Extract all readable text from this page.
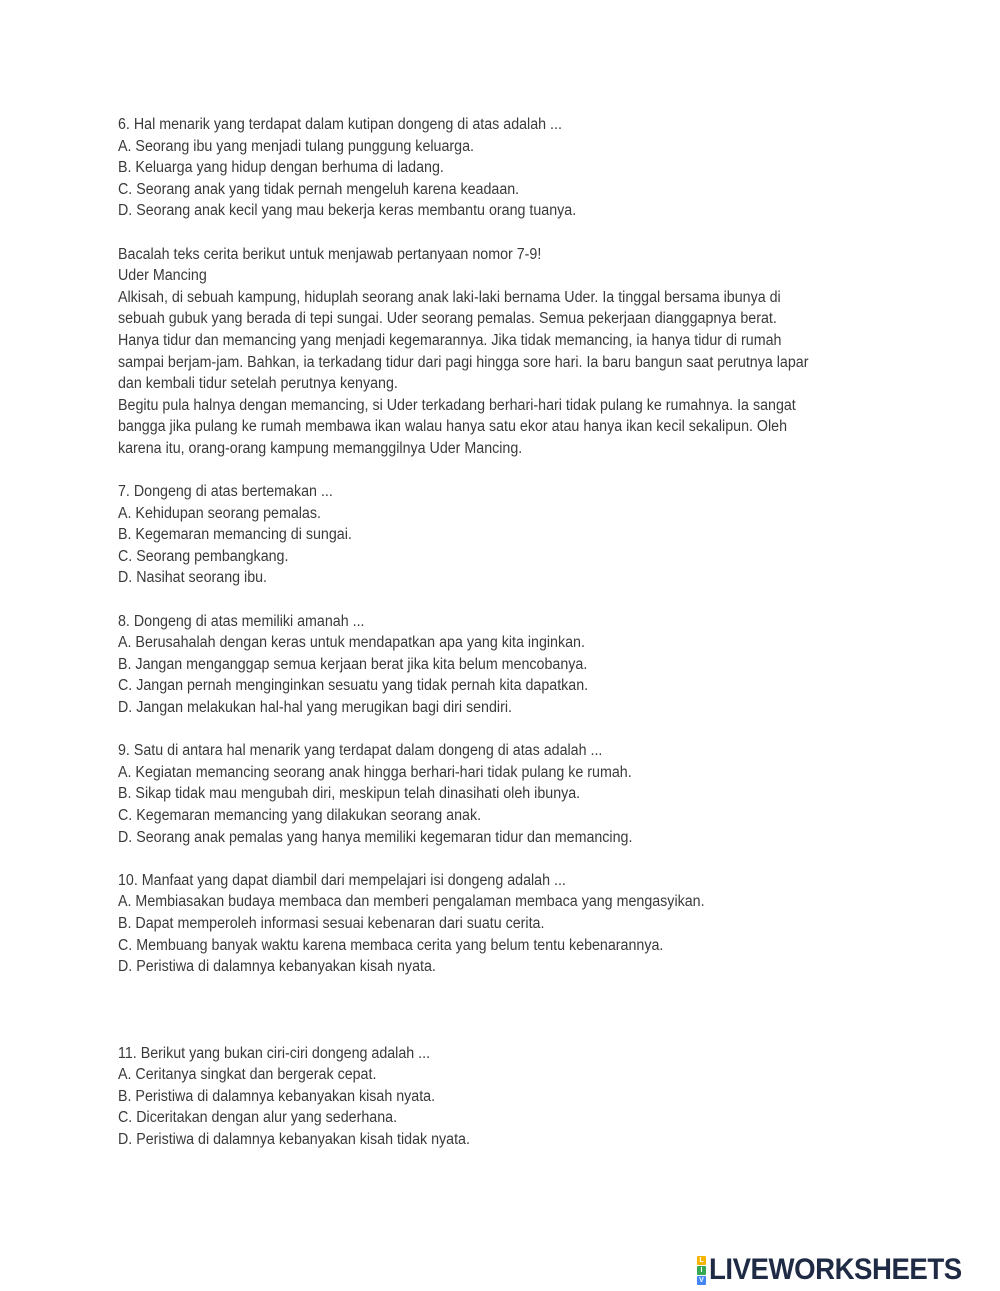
6. Hal menarik yang terdapat dalam kutipan dongeng di atas adalah ...
A. Seorang ibu yang menjadi tulang punggung keluarga.
B. Keluarga yang hidup dengan berhuma di ladang.
C. Seorang anak yang tidak pernah mengeluh karena keadaan.
D. Seorang anak kecil yang mau bekerja keras membantu orang tuanya.
Bacalah teks cerita berikut untuk menjawab pertanyaan nomor 7-9!
Uder Mancing
Alkisah, di sebuah kampung, hiduplah seorang anak laki-laki bernama Uder. Ia tinggal bersama ibunya di
sebuah gubuk yang berada di tepi sungai. Uder seorang pemalas. Semua pekerjaan dianggapnya berat.
Hanya tidur dan memancing yang menjadi kegemarannya. Jika tidak memancing, ia hanya tidur di rumah
sampai berjam-jam. Bahkan, ia terkadang tidur dari pagi hingga sore hari. Ia baru bangun saat perutnya lapar
dan kembali tidur setelah perutnya kenyang.
Begitu pula halnya dengan memancing, si Uder terkadang berhari-hari tidak pulang ke rumahnya. Ia sangat
bangga jika pulang ke rumah membawa ikan walau hanya satu ekor atau hanya ikan kecil sekalipun. Oleh
karena itu, orang-orang kampung memanggilnya Uder Mancing.
7. Dongeng di atas bertemakan ...
A. Kehidupan seorang pemalas.
B. Kegemaran memancing di sungai.
C. Seorang pembangkang.
D. Nasihat seorang ibu.
8. Dongeng di atas memiliki amanah ...
A. Berusahalah dengan keras untuk mendapatkan apa yang kita inginkan.
B. Jangan menganggap semua kerjaan berat jika kita belum mencobanya.
C. Jangan pernah menginginkan sesuatu yang tidak pernah kita dapatkan.
D. Jangan melakukan hal-hal yang merugikan bagi diri sendiri.
9. Satu di antara hal menarik yang terdapat dalam dongeng di atas adalah ...
A. Kegiatan memancing seorang anak hingga berhari-hari tidak pulang ke rumah.
B. Sikap tidak mau mengubah diri, meskipun telah dinasihati oleh ibunya.
C. Kegemaran memancing yang dilakukan seorang anak.
D. Seorang anak pemalas yang hanya memiliki kegemaran tidur dan memancing.
10. Manfaat yang dapat diambil dari mempelajari isi dongeng adalah ...
A. Membiasakan budaya membaca dan memberi pengalaman membaca yang mengasyikan.
B. Dapat memperoleh informasi sesuai kebenaran dari suatu cerita.
C. Membuang banyak waktu karena membaca cerita yang belum tentu kebenarannya.
D. Peristiwa di dalamnya kebanyakan kisah nyata.
11. Berikut yang bukan ciri-ciri dongeng adalah ...
A. Ceritanya singkat dan bergerak cepat.
B. Peristiwa di dalamnya kebanyakan kisah nyata.
C. Diceritakan dengan alur yang sederhana.
D. Peristiwa di dalamnya kebanyakan kisah tidak nyata.
L
I
V LIVEWORKSHEETS
